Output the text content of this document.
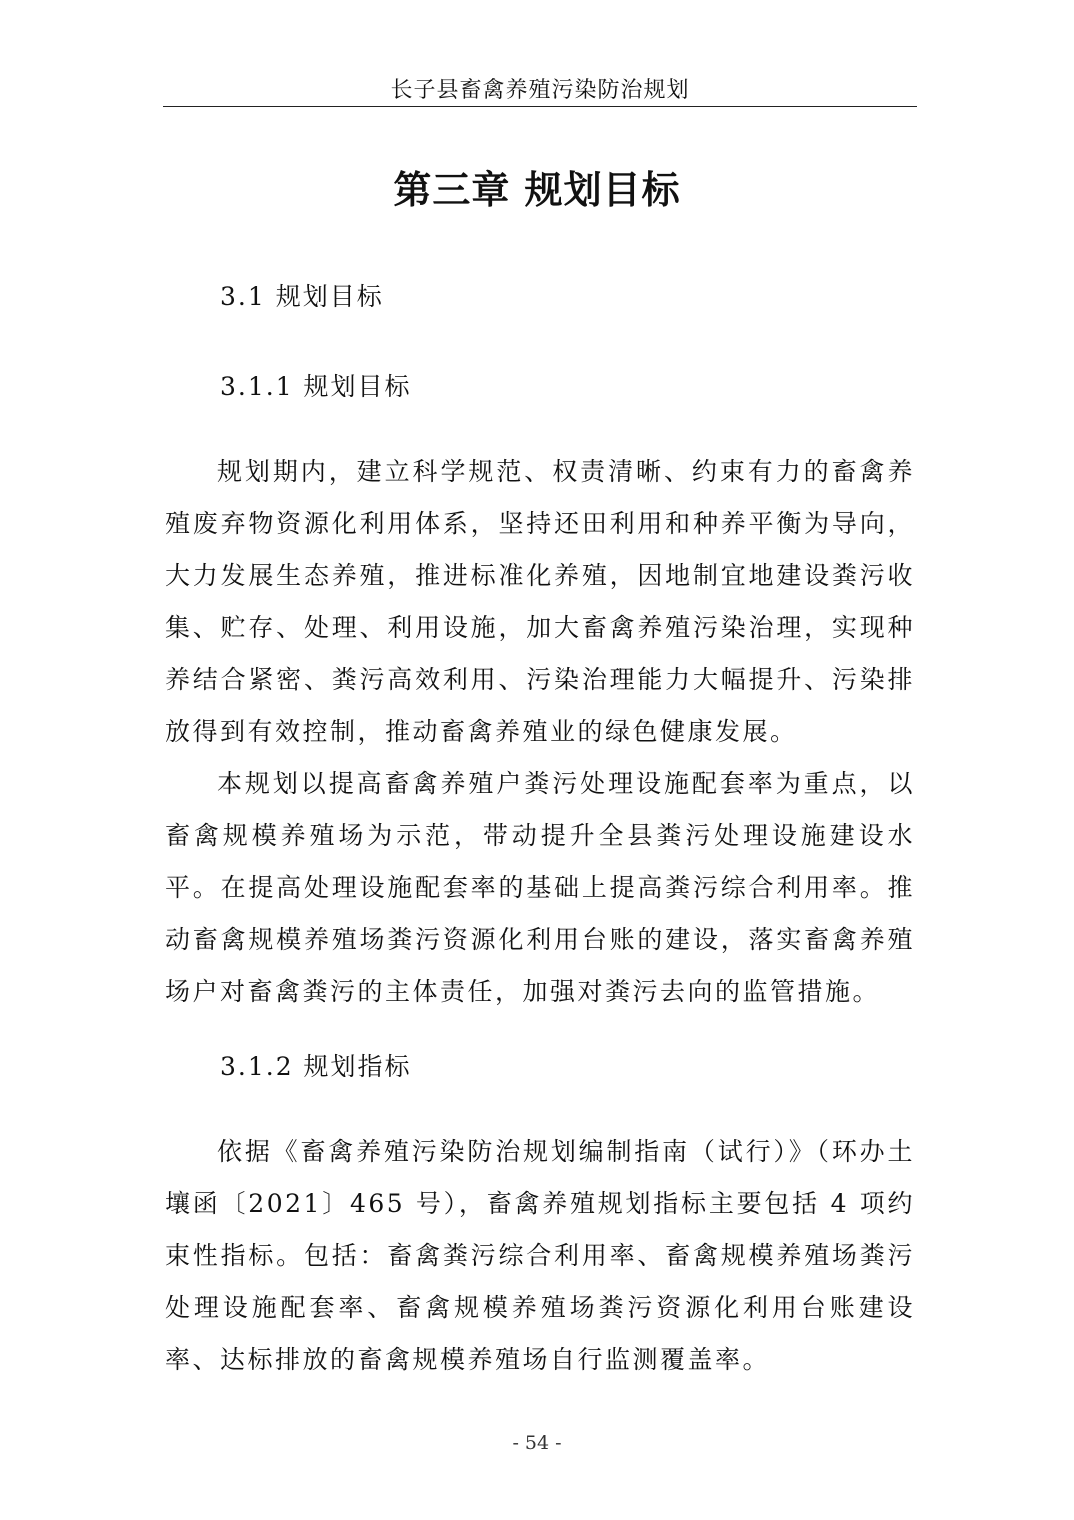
长子县畜禽养殖污染防治规划
第三章 规划目标
3.1 规划目标
3.1.1 规划目标

规划期内，建立科学规范、权责清晰、约束有力的畜禽养殖废弃物资源化利用体系，坚持还田利用和种养平衡为导向，大力发展生态养殖，推进标准化养殖，因地制宜地建设粪污收集、贮存、处理、利用设施，加大畜禽养殖污染治理，实现种养结合紧密、粪污高效利用、污染治理能力大幅提升、污染排放得到有效控制，推动畜禽养殖业的绿色健康发展。

本规划以提高畜禽养殖户粪污处理设施配套率为重点，以畜禽规模养殖场为示范，带动提升全县粪污处理设施建设水平。在提高处理设施配套率的基础上提高粪污综合利用率。推动畜禽规模养殖场粪污资源化利用台账的建设，落实畜禽养殖场户对畜禽粪污的主体责任，加强对粪污去向的监管措施。

3.1.2 规划指标

依据《畜禽养殖污染防治规划编制指南（试行）》（环办土壤函〔2021〕465 号），畜禽养殖规划指标主要包括 4 项约束性指标。包括：畜禽粪污综合利用率、畜禽规模养殖场粪污处理设施配套率、畜禽规模养殖场粪污资源化利用台账建设率、达标排放的畜禽规模养殖场自行监测覆盖率。

- 54 -
